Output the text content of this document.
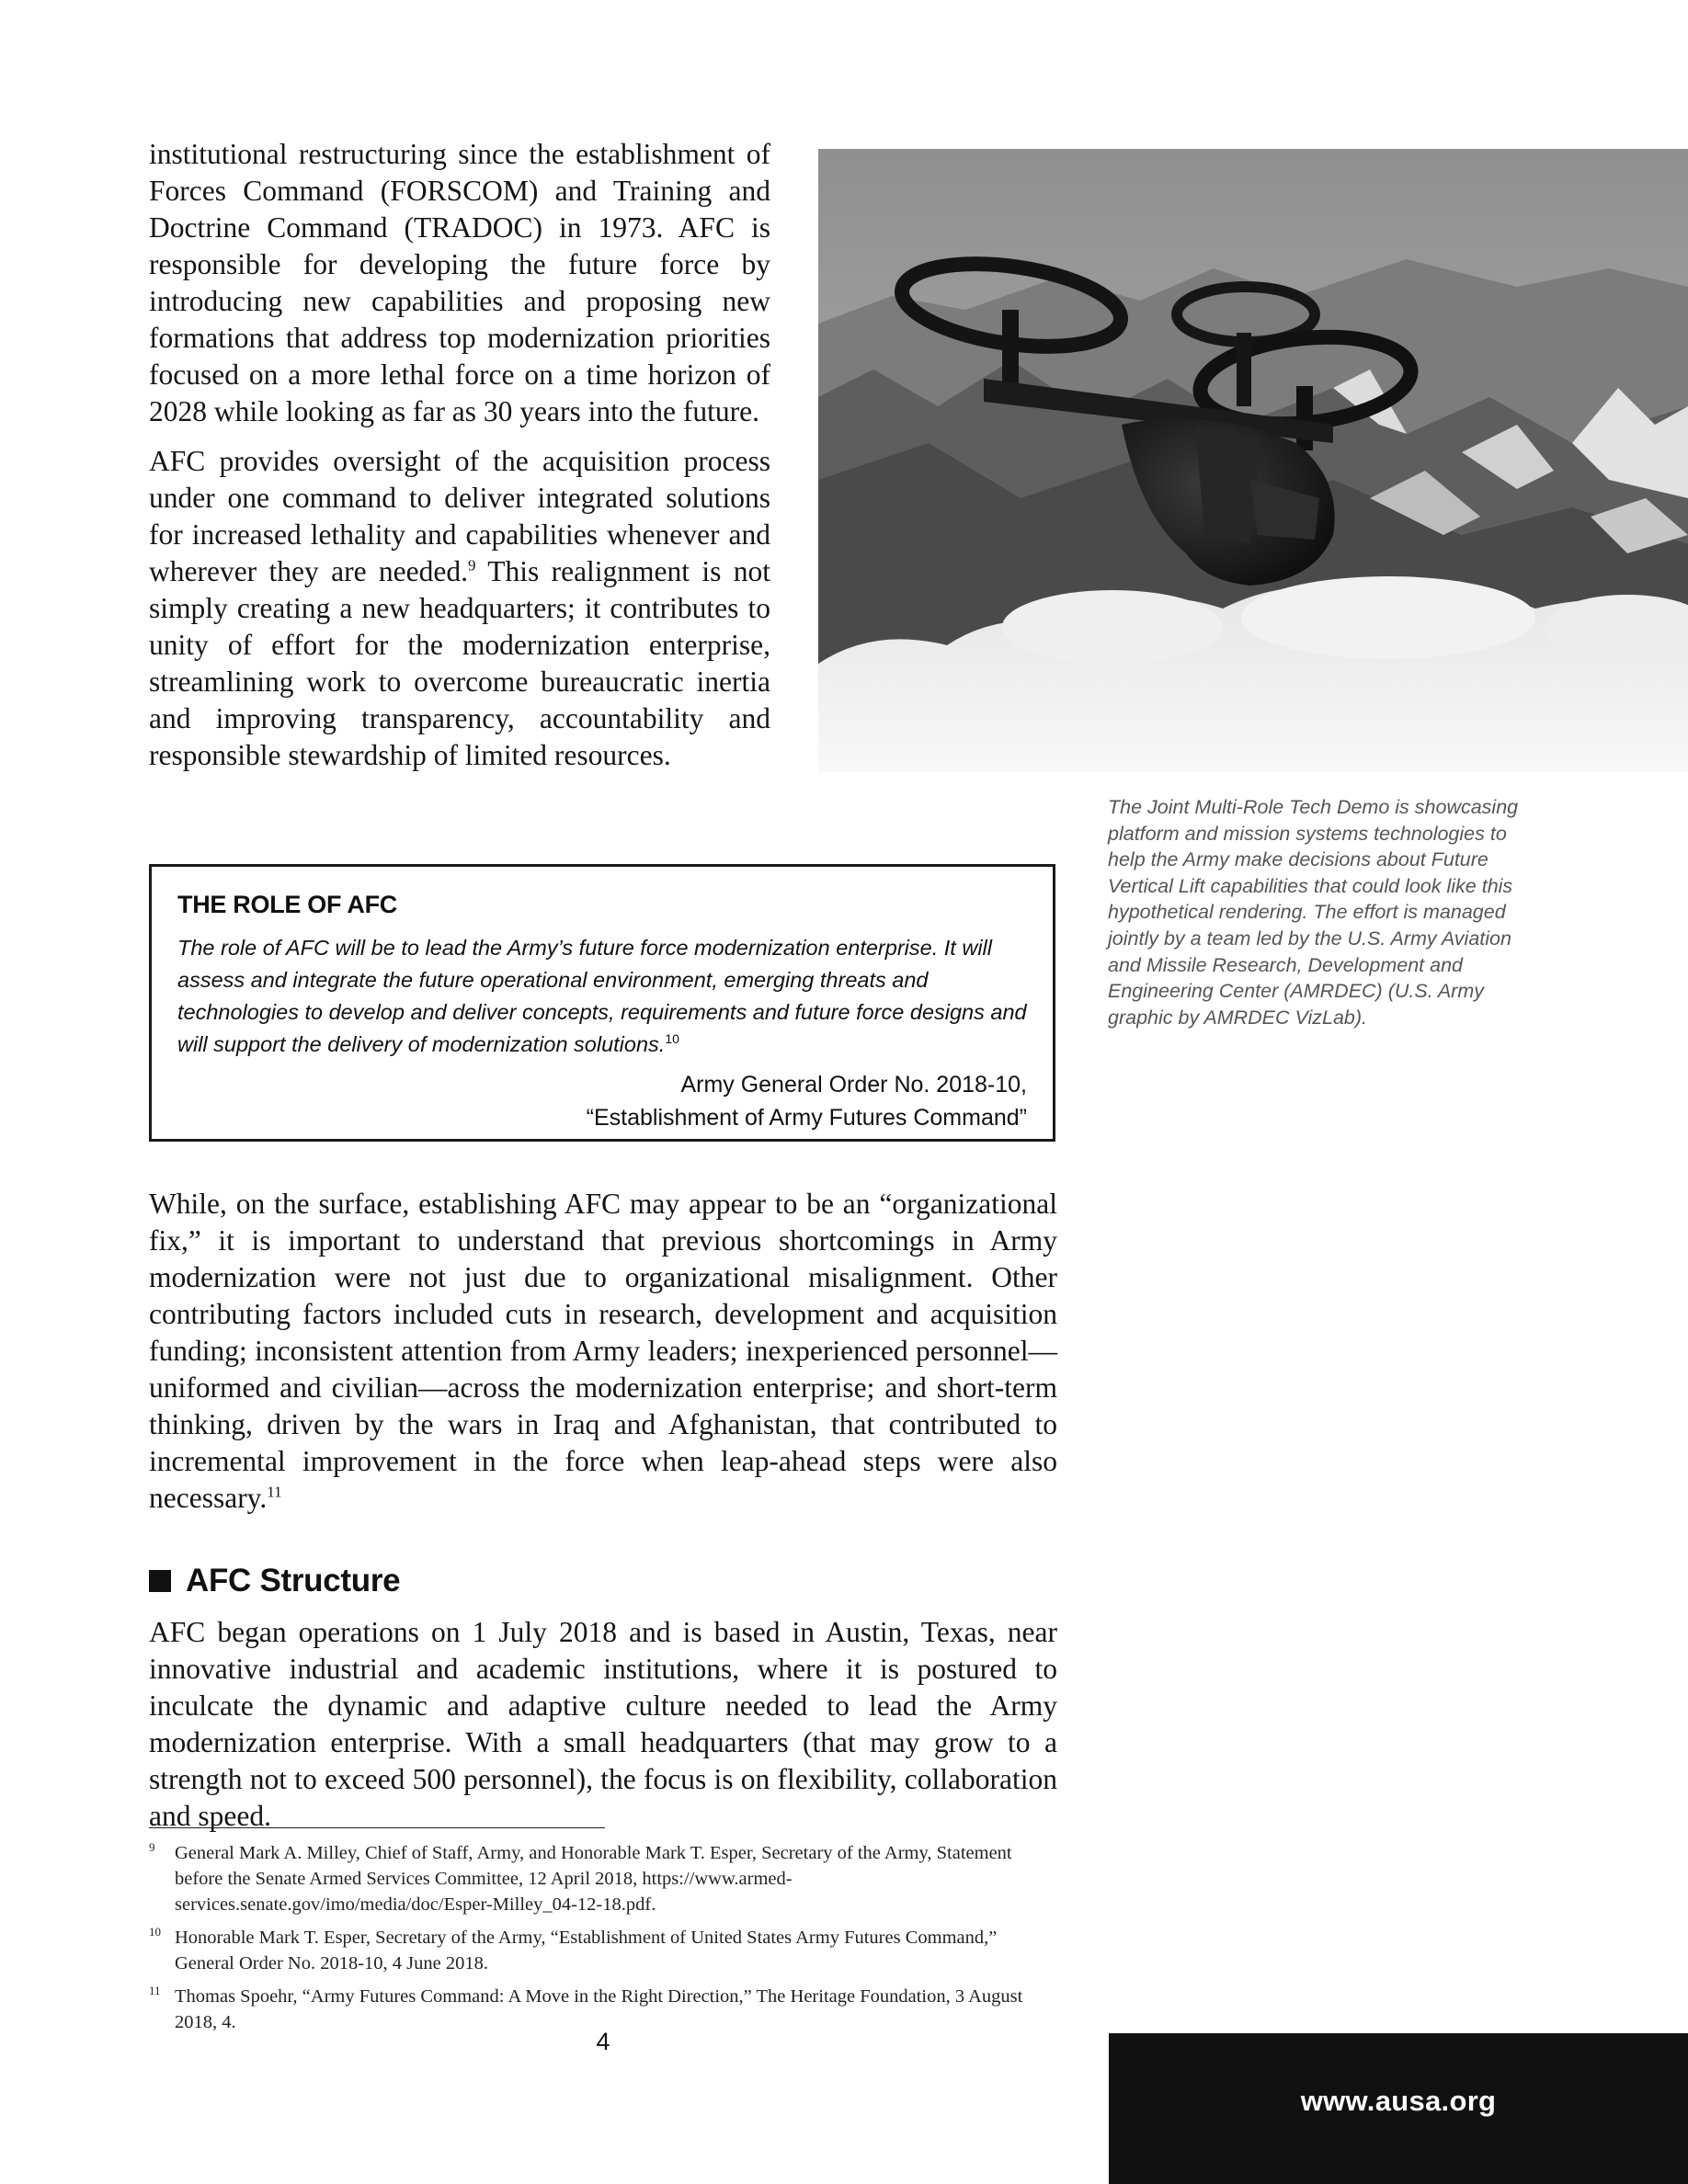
institutional restructuring since the establishment of Forces Command (FORSCOM) and Training and Doctrine Command (TRADOC) in 1973. AFC is responsible for developing the future force by introducing new capabilities and proposing new formations that address top modernization priorities focused on a more lethal force on a time horizon of 2028 while looking as far as 30 years into the future.

AFC provides oversight of the acquisition process under one command to deliver integrated solutions for increased lethality and capabilities whenever and wherever they are needed.$^9$ This realignment is not simply creating a new headquarters; it contributes to unity of effort for the modernization enterprise, streamlining work to overcome bureaucratic inertia and improving transparency, accountability and responsible stewardship of limited resources.

The Joint Multi-Role Tech Demo is showcasing platform and mission systems technologies to help the Army make decisions about Future Vertical Lift capabilities that could look like this hypothetical rendering. The effort is managed jointly by a team led by the U.S. Army Aviation and Missile Research, Development and Engineering Center (AMRDEC) (U.S. Army graphic by AMRDEC VizLab).
THE ROLE OF AFC

The role of AFC will be to lead the Army’s future force modernization enterprise. It will assess and integrate the future operational environment, emerging threats and technologies to develop and deliver concepts, requirements and future force designs and will support the delivery of modernization solutions.$^{10}$

Army General Order No. 2018-10,
“Establishment of Army Futures Command”

While, on the surface, establishing AFC may appear to be an “organizational fix,” it is important to understand that previous shortcomings in Army modernization were not just due to organizational misalignment. Other contributing factors included cuts in research, development and acquisition funding; inconsistent attention from Army leaders; inexperienced personnel—uniformed and civilian—across the modernization enterprise; and short-term thinking, driven by the wars in Iraq and Afghanistan, that contributed to incremental improvement in the force when leap-ahead steps were also necessary.$^{11}$

AFC Structure

AFC began operations on 1 July 2018 and is based in Austin, Texas, near innovative industrial and academic institutions, where it is postured to inculcate the dynamic and adaptive culture needed to lead the Army modernization enterprise. With a small headquarters (that may grow to a strength not to exceed 500 personnel), the focus is on flexibility, collaboration and speed.

9 General Mark A. Milley, Chief of Staff, Army, and Honorable Mark T. Esper, Secretary of the Army, Statement before the Senate Armed Services Committee, 12 April 2018, https://www.armed-services.senate.gov/imo/media/doc/Esper-Milley_04-12-18.pdf.
10 Honorable Mark T. Esper, Secretary of the Army, “Establishment of United States Army Futures Command,” General Order No. 2018-10, 4 June 2018.
11 Thomas Spoehr, “Army Futures Command: A Move in the Right Direction,” The Heritage Foundation, 3 August 2018, 4.
4
www.ausa.org
